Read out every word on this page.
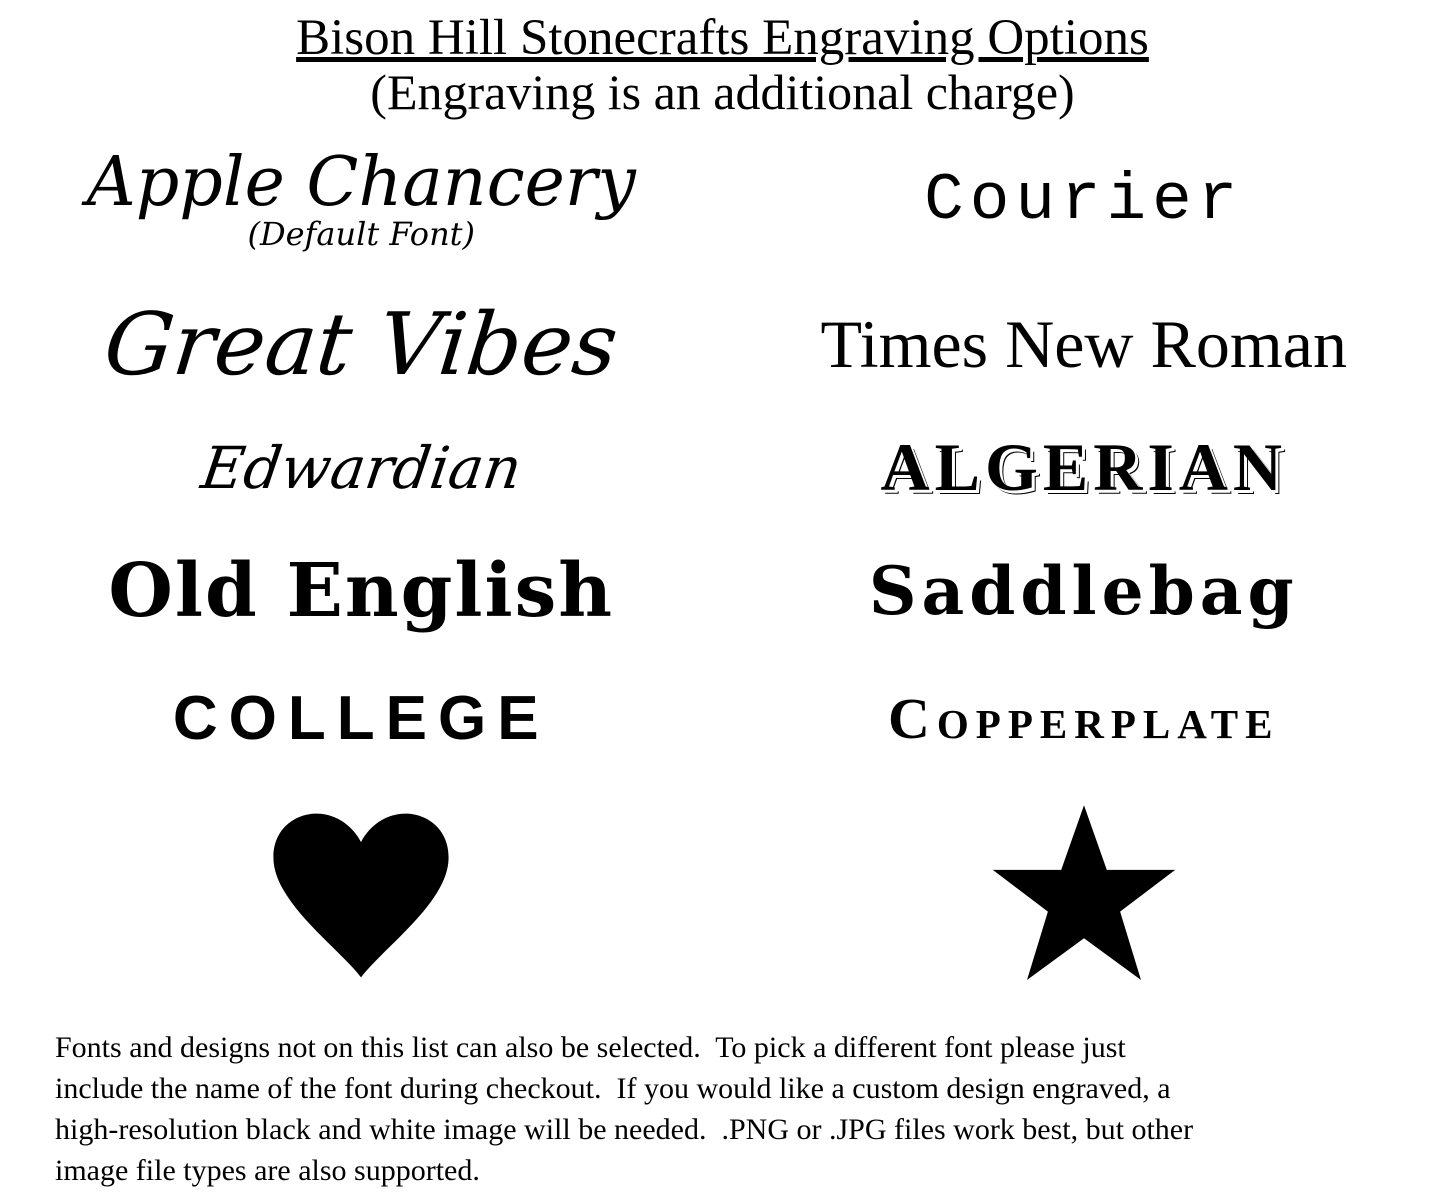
Bison Hill Stonecrafts Engraving Options
(Engraving is an additional charge)
Apple Chancery
(Default Font)	Courier
Great Vibes	Times New Roman
Edwardian	ALGERIAN
Old English	Saddlebag
COLLEGE	Copperplate
Fonts and designs not on this list can also be selected.  To pick a different font please just
include the name of the font during checkout.  If you would like a custom design engraved, a
high-resolution black and white image will be needed.  .PNG or .JPG files work best, but other
image file types are also supported.
